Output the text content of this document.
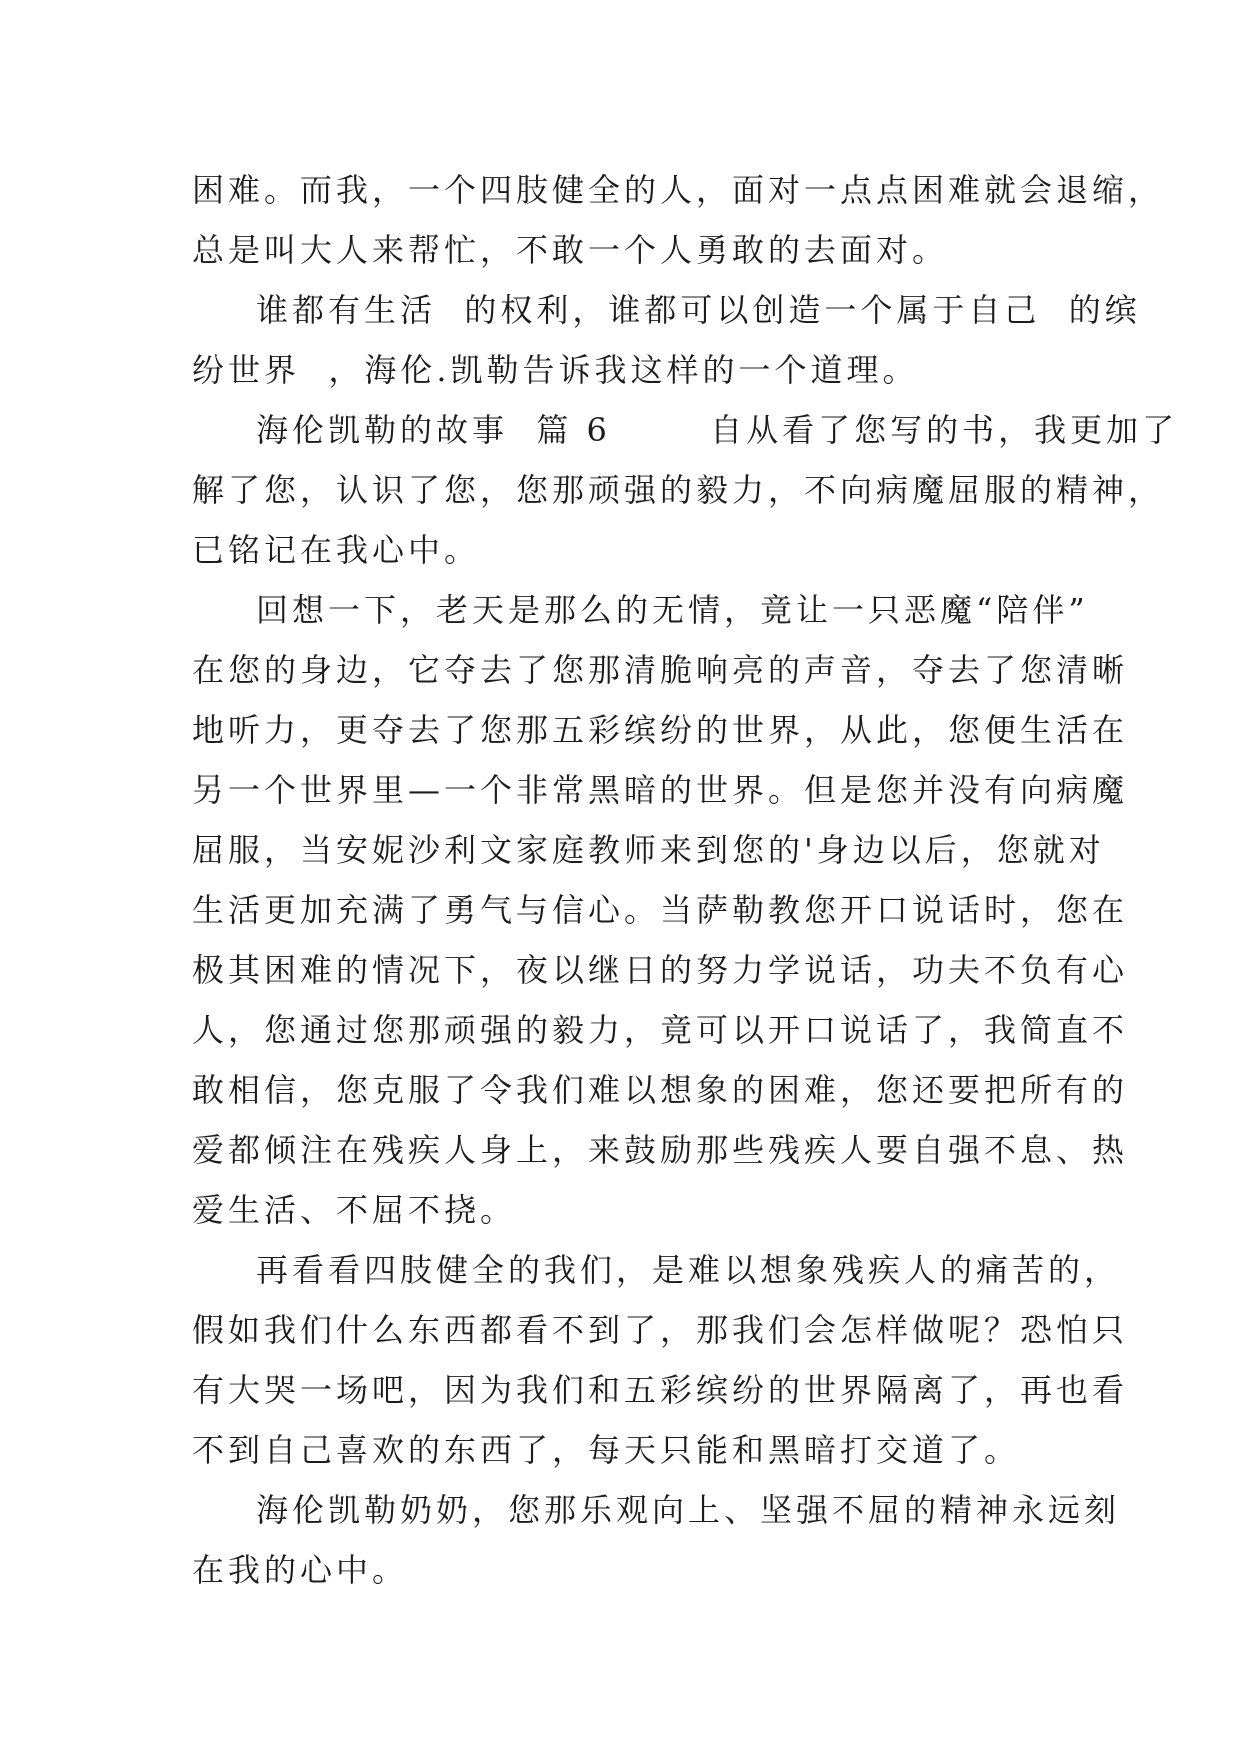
困难。而我，一个四肢健全的人，面对一点点困难就会退缩，
总是叫大人来帮忙，不敢一个人勇敢的去面对。
谁都有生活  的权利，谁都可以创造一个属于自己  的缤
纷世界  ，海伦.凯勒告诉我这样的一个道理。
海伦凯勒的故事  篇 6       自从看了您写的书，我更加了
解了您，认识了您，您那顽强的毅力，不向病魔屈服的精神，
已铭记在我心中。
回想一下，老天是那么的无情，竟让一只恶魔“陪伴”
在您的身边，它夺去了您那清脆响亮的声音，夺去了您清晰
地听力，更夺去了您那五彩缤纷的世界，从此，您便生活在
另一个世界里—一个非常黑暗的世界。但是您并没有向病魔
屈服，当安妮沙利文家庭教师来到您的'身边以后，您就对
生活更加充满了勇气与信心。当萨勒教您开口说话时，您在
极其困难的情况下，夜以继日的努力学说话，功夫不负有心
人，您通过您那顽强的毅力，竟可以开口说话了，我简直不
敢相信，您克服了令我们难以想象的困难，您还要把所有的
爱都倾注在残疾人身上，来鼓励那些残疾人要自强不息、热
爱生活、不屈不挠。
再看看四肢健全的我们，是难以想象残疾人的痛苦的，
假如我们什么东西都看不到了，那我们会怎样做呢？恐怕只
有大哭一场吧，因为我们和五彩缤纷的世界隔离了，再也看
不到自己喜欢的东西了，每天只能和黑暗打交道了。
海伦凯勒奶奶，您那乐观向上、坚强不屈的精神永远刻
在我的心中。
